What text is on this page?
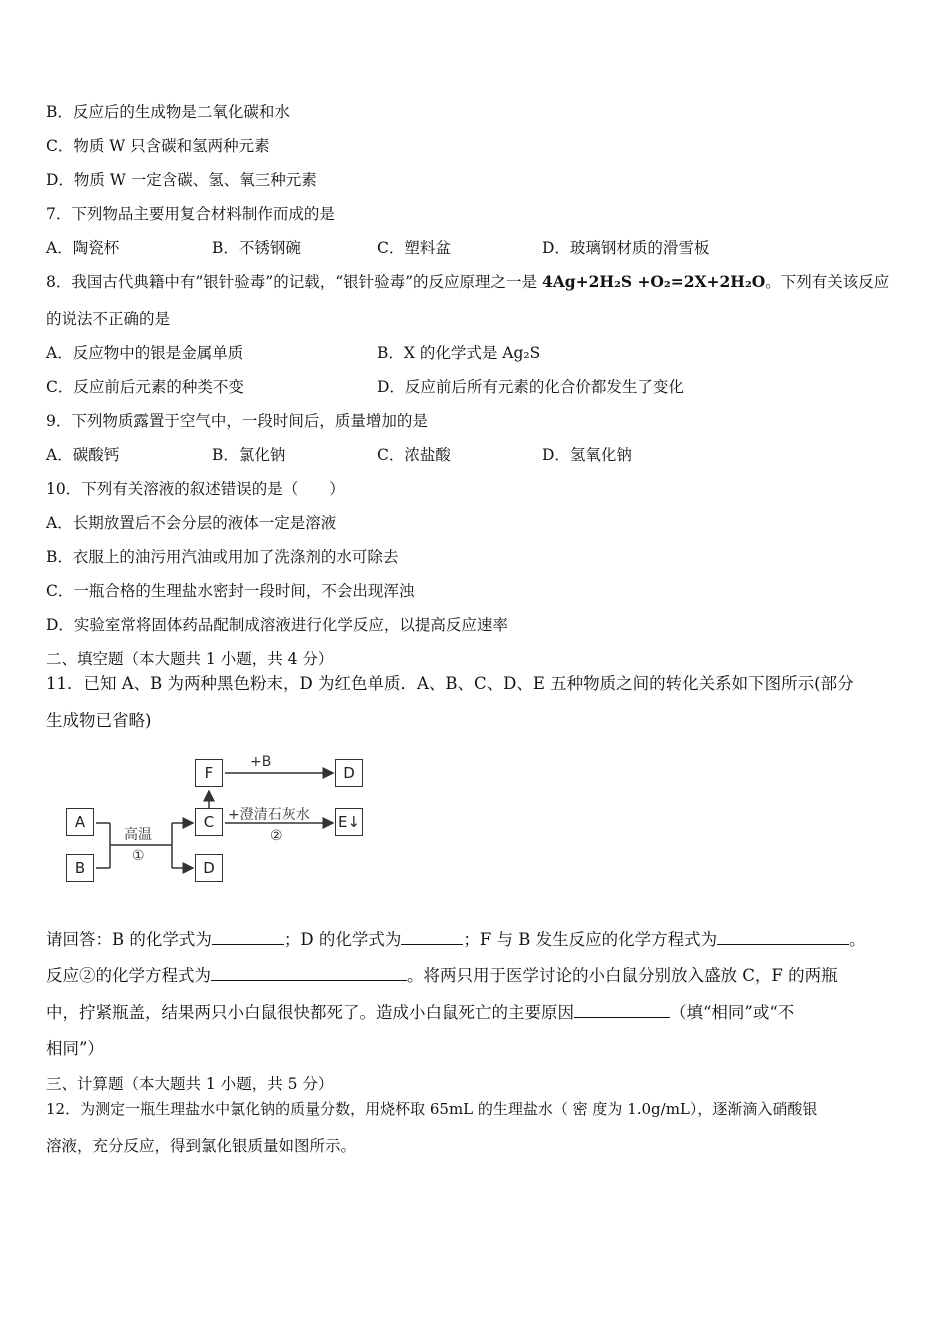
B．反应后的生成物是二氧化碳和水
C．物质 W 只含碳和氢两种元素
D．物质 W 一定含碳、氢、氧三种元素
7．下列物品主要用复合材料制作而成的是
A．陶瓷杯	B．不锈钢碗	C．塑料盆	D．玻璃钢材质的滑雪板
8．我国古代典籍中有”银针验毒”的记载，“银针验毒”的反应原理之一是 4Ag+2H₂S +O₂=2X+2H₂O。下列有关该反应
的说法不正确的是
A．反应物中的银是金属单质	B．X 的化学式是 Ag₂S
C．反应前后元素的种类不变	D．反应前后所有元素的化合价都发生了变化
9．下列物质露置于空气中，一段时间后，质量增加的是
A．碳酸钙	B．氯化钠	C．浓盐酸	D．氢氧化钠
10．下列有关溶液的叙述错误的是（　　）
A．长期放置后不会分层的液体一定是溶液
B．衣服上的油污用汽油或用加了洗涤剂的水可除去
C．一瓶合格的生理盐水密封一段时间，不会出现浑浊
D．实验室常将固体药品配制成溶液进行化学反应，以提高反应速率
二、填空题（本大题共 1 小题，共 4 分）
11．已知 A、B 为两种黑色粉末，D 为红色单质．A、B、C、D、E 五种物质之间的转化关系如下图所示(部分
生成物已省略)
A
B
C
D
F	D
E↓
高温
①
+B
+澄清石灰水
②
请回答：B 的化学式为	；D 的化学式为	；F 与 B 发生反应的化学方程式为	。
反应②的化学方程式为	。将两只用于医学讨论的小白鼠分别放入盛放 C，F 的两瓶
中，拧紧瓶盖，结果两只小白鼠很快都死了。造成小白鼠死亡的主要原因	（填“相同”或“不
相同”）
三、计算题（本大题共 1 小题，共 5 分）
12．为测定一瓶生理盐水中氯化钠的质量分数，用烧杯取 65mL 的生理盐水（ 密 度为 1.0g/mL），逐渐滴入硝酸银
溶液，充分反应，得到氯化银质量如图所示。
